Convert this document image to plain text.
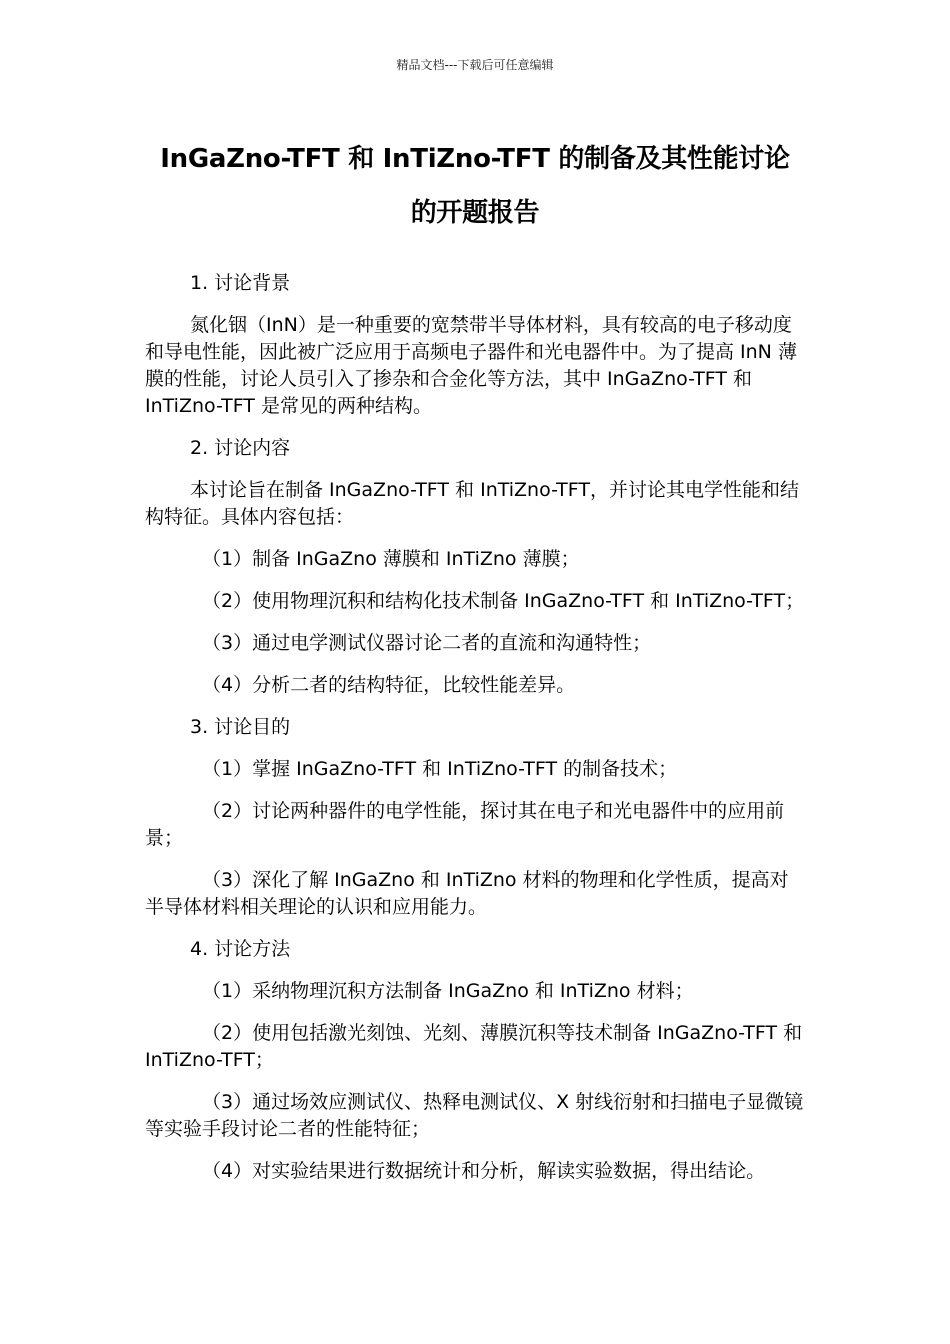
精品文档---下载后可任意编辑
InGaZno-TFT 和 InTiZno-TFT 的制备及其性能讨论
的开题报告

1. 讨论背景

氮化铟（InN）是一种重要的宽禁带半导体材料，具有较高的电子移动度和导电性能，因此被广泛应用于高频电子器件和光电器件中。为了提高 InN 薄膜的性能，讨论人员引入了掺杂和合金化等方法，其中 InGaZno-TFT 和 InTiZno-TFT 是常见的两种结构。

2. 讨论内容

本讨论旨在制备 InGaZno-TFT 和 InTiZno-TFT，并讨论其电学性能和结构特征。具体内容包括：

（1）制备 InGaZno 薄膜和 InTiZno 薄膜；

（2）使用物理沉积和结构化技术制备 InGaZno-TFT 和 InTiZno-TFT；

（3）通过电学测试仪器讨论二者的直流和沟通特性；

（4）分析二者的结构特征，比较性能差异。

3. 讨论目的

（1）掌握 InGaZno-TFT 和 InTiZno-TFT 的制备技术；

（2）讨论两种器件的电学性能，探讨其在电子和光电器件中的应用前景；

（3）深化了解 InGaZno 和 InTiZno 材料的物理和化学性质，提高对半导体材料相关理论的认识和应用能力。

4. 讨论方法

（1）采纳物理沉积方法制备 InGaZno 和 InTiZno 材料；

（2）使用包括激光刻蚀、光刻、薄膜沉积等技术制备 InGaZno-TFT 和 InTiZno-TFT；

（3）通过场效应测试仪、热释电测试仪、X 射线衍射和扫描电子显微镜等实验手段讨论二者的性能特征；

（4）对实验结果进行数据统计和分析，解读实验数据，得出结论。
